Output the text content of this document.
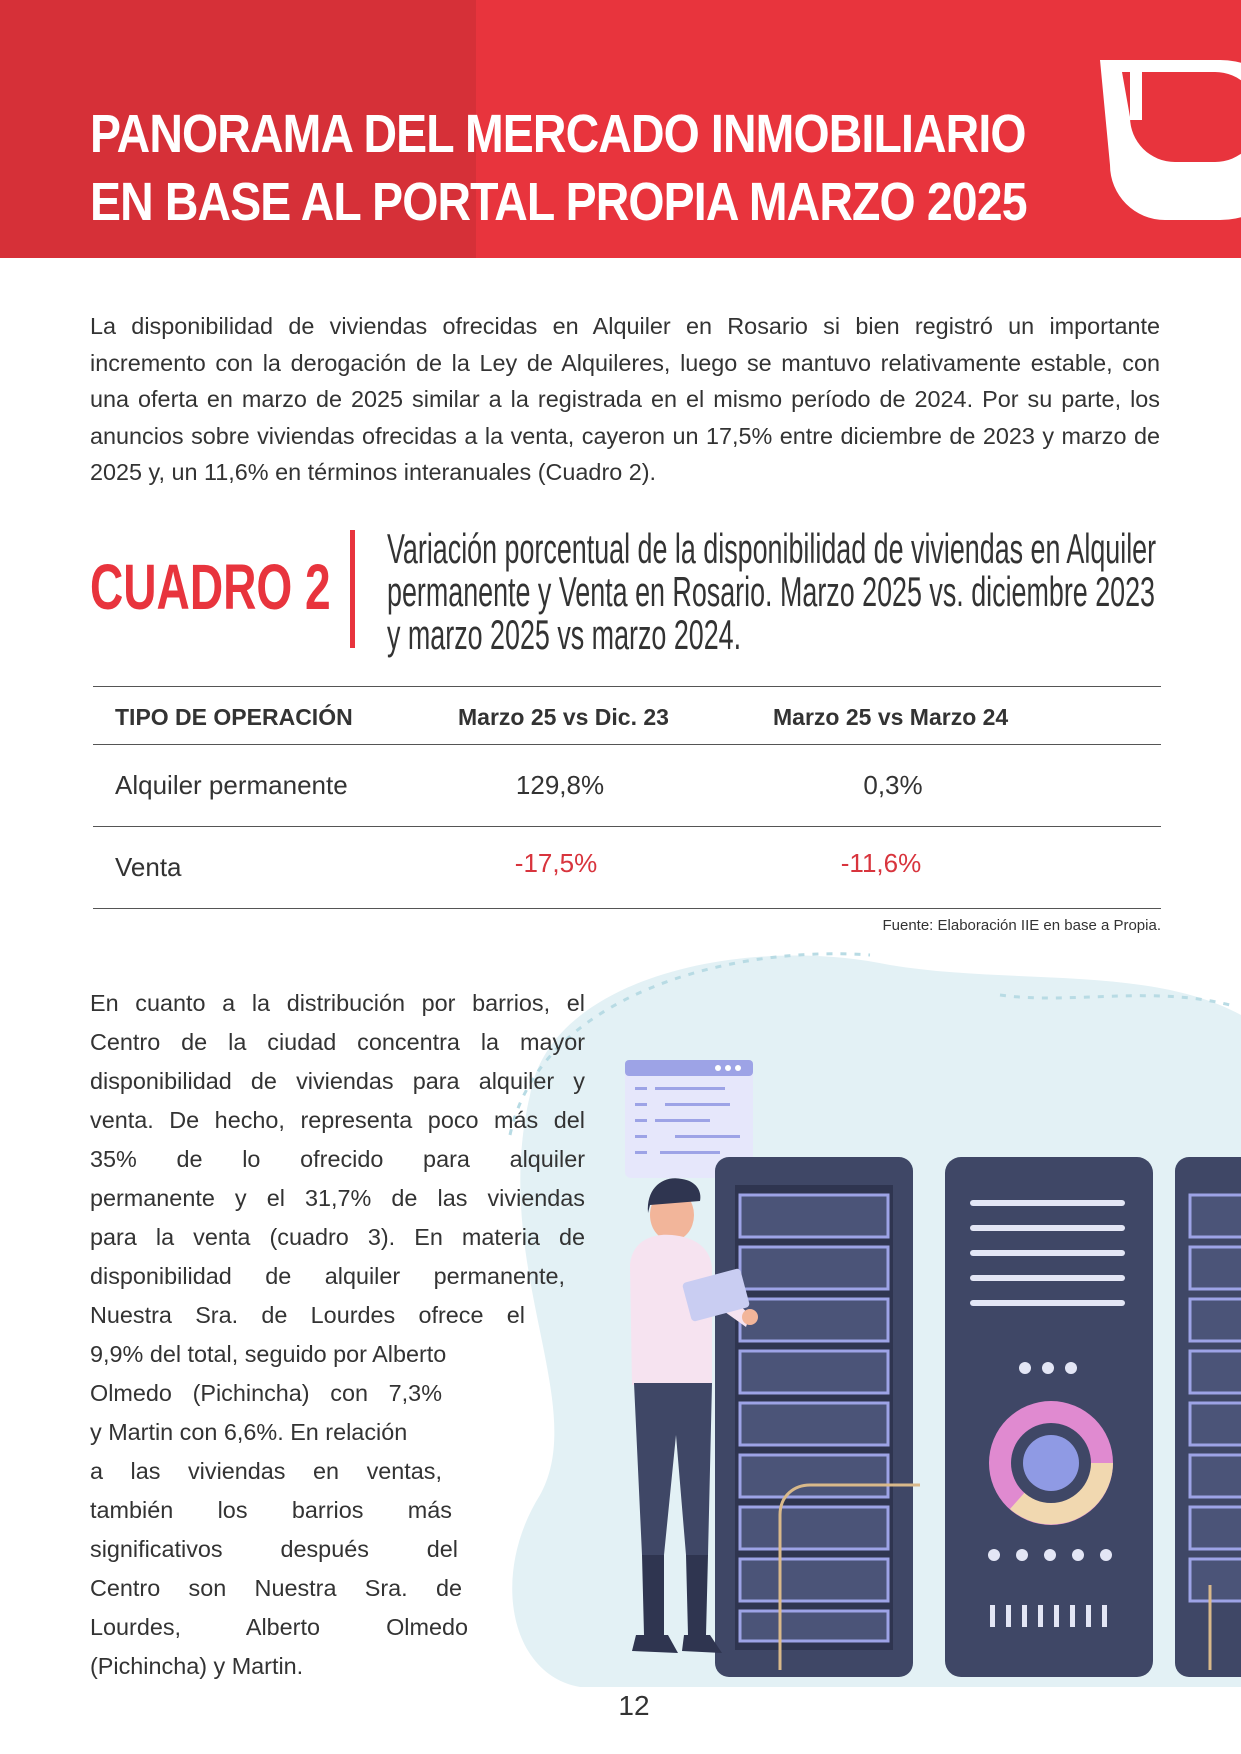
PANORAMA DEL MERCADO INMOBILIARIO
EN BASE AL PORTAL PROPIA MARZO 2025

La disponibilidad de viviendas ofrecidas en Alquiler en Rosario si bien registró un importante incremento con la derogación de la Ley de Alquileres, luego se mantuvo relativamente estable, con una oferta en marzo de 2025 similar a la registrada en el mismo período de 2024. Por su parte, los anuncios sobre viviendas ofrecidas a la venta, cayeron un 17,5% entre diciembre de 2023 y marzo de 2025 y, un 11,6% en términos interanuales (Cuadro 2).

CUADRO 2
Variación porcentual de la disponibilidad de viviendas en Alquiler
permanente y Venta en Rosario. Marzo 2025 vs. diciembre 2023
y marzo 2025 vs marzo 2024.
TIPO DE OPERACIÓN	Marzo 25 vs Dic. 23	Marzo 25 vs Marzo 24
Alquiler permanente	129,8%	0,3%
Venta	-17,5%	-11,6%
Fuente: Elaboración IIE en base a Propia.
En cuanto a la distribución por barrios, el
Centro de la ciudad concentra la mayor
disponibilidad de viviendas para alquiler y
venta. De hecho, representa poco más del
35% de lo ofrecido para alquiler
permanente y el 31,7% de las viviendas
para la venta (cuadro 3). En materia de
disponibilidad de alquiler permanente,
Nuestra Sra. de Lourdes ofrece el
9,9% del total, seguido por Alberto
Olmedo (Pichincha) con 7,3%
y Martin con 6,6%. En relación
a las viviendas en ventas,
también los barrios más
significativos después del
Centro son Nuestra Sra. de
Lourdes, Alberto Olmedo
(Pichincha) y Martin.
12
